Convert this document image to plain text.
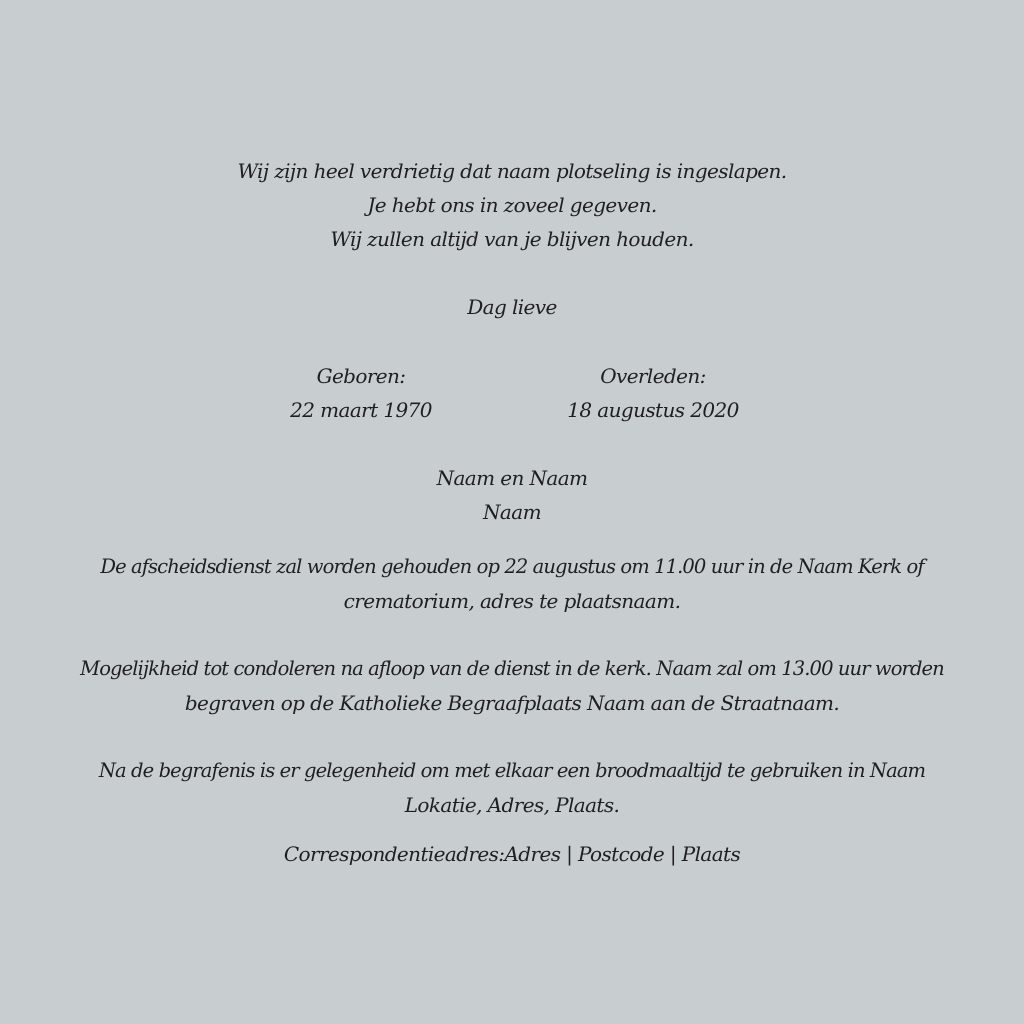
Wij zijn heel verdrietig dat naam plotseling is ingeslapen.
Je hebt ons in zoveel gegeven.
Wij zullen altijd van je blijven houden.
Dag lieve
Geboren:
22 maart 1970
Overleden:
18 augustus 2020
Naam en Naam
Naam
De afscheidsdienst zal worden gehouden op 22 augustus om 11.00 uur in de Naam Kerk of
crematorium, adres te plaatsnaam.
Mogelijkheid tot condoleren na afloop van de dienst in de kerk. Naam zal om 13.00 uur worden
begraven op de Katholieke Begraafplaats Naam aan de Straatnaam.
Na de begrafenis is er gelegenheid om met elkaar een broodmaaltijd te gebruiken in Naam
Lokatie, Adres, Plaats.
Correspondentieadres:Adres | Postcode | Plaats
